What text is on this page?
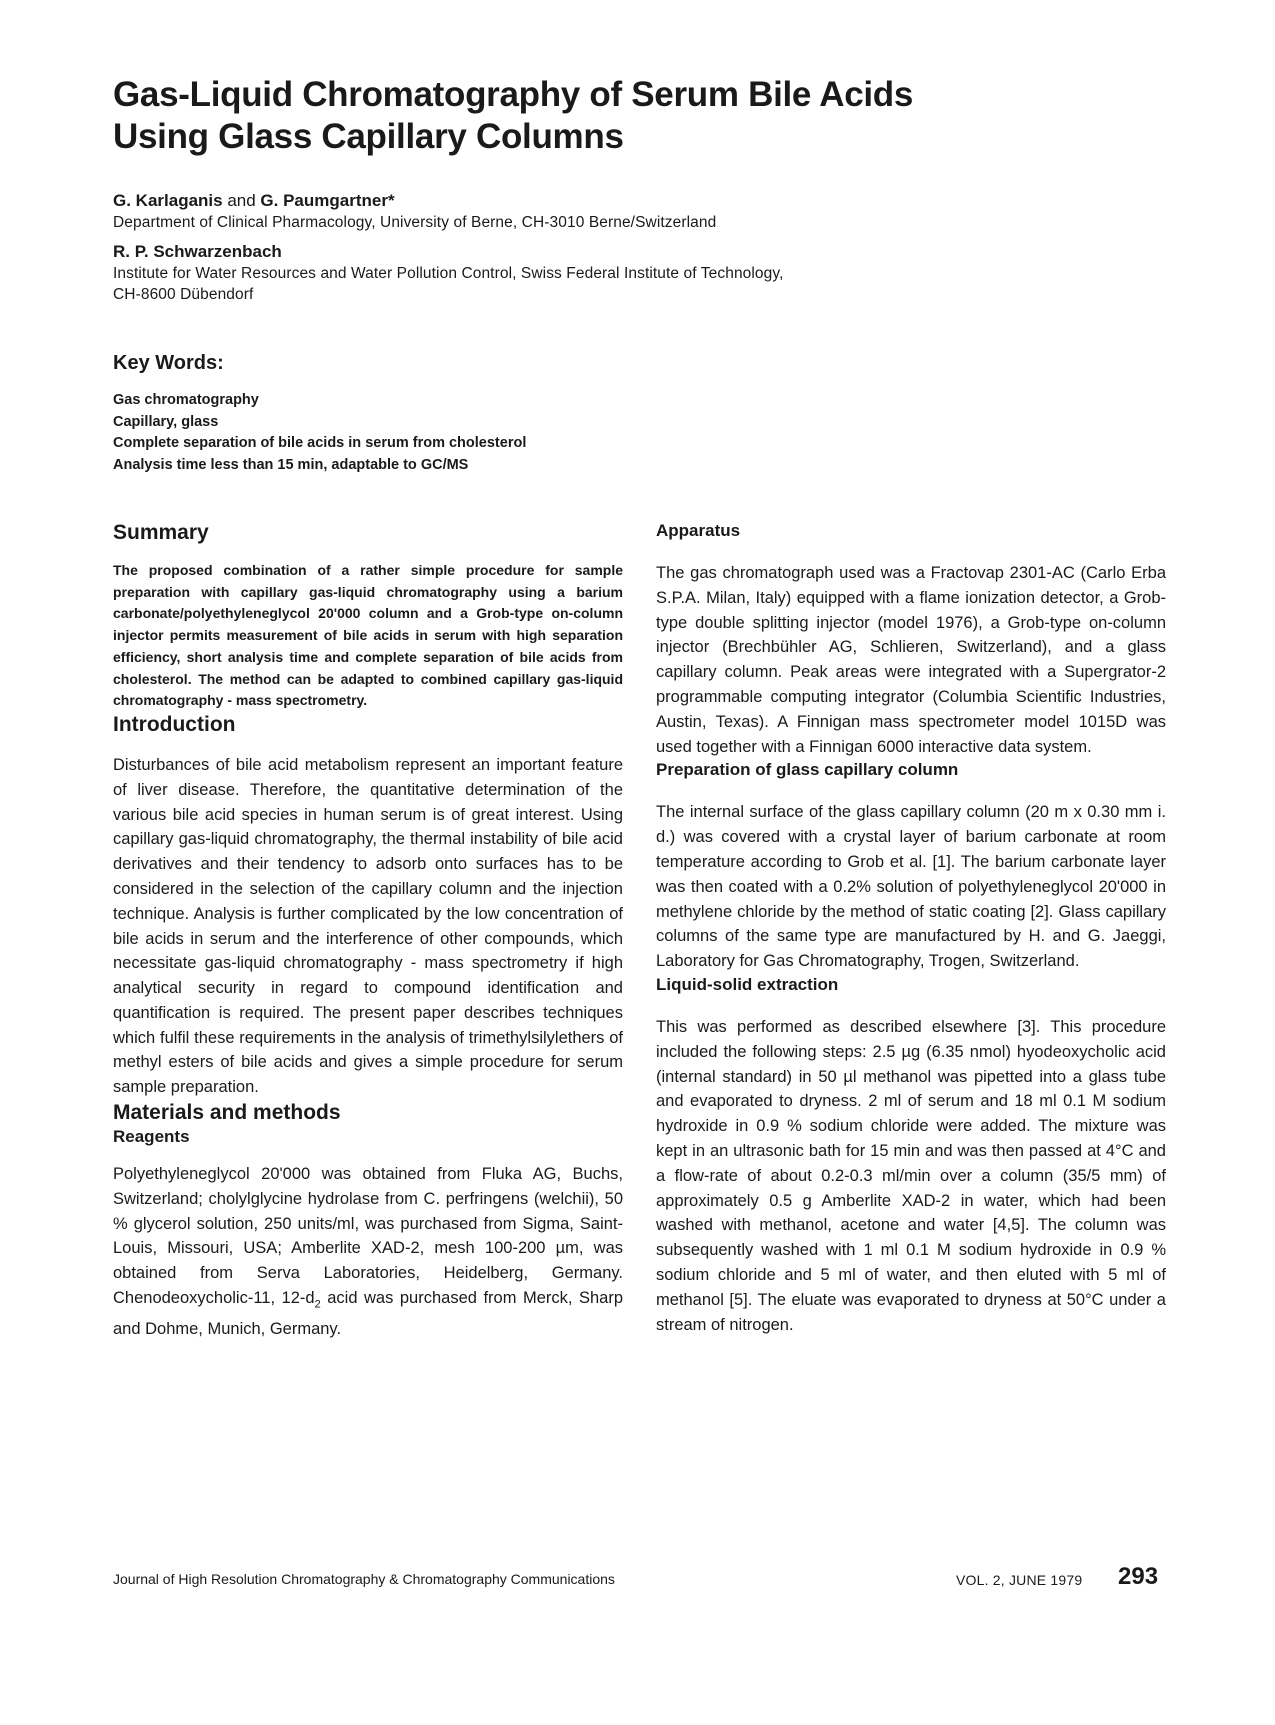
Gas-Liquid Chromatography of Serum Bile Acids
Using Glass Capillary Columns
G. Karlaganis and G. Paumgartner*
Department of Clinical Pharmacology, University of Berne, CH-3010 Berne/Switzerland
R. P. Schwarzenbach
Institute for Water Resources and Water Pollution Control, Swiss Federal Institute of Technology,
CH-8600 Dübendorf
Key Words:
Gas chromatography
Capillary, glass
Complete separation of bile acids in serum from cholesterol
Analysis time less than 15 min, adaptable to GC/MS
Summary

The proposed combination of a rather simple procedure for sample preparation with capillary gas-liquid chromatography using a barium carbonate/polyethyleneglycol 20'000 column and a Grob-type on-column injector permits measurement of bile acids in serum with high separation efficiency, short analysis time and complete separation of bile acids from cholesterol. The method can be adapted to combined capillary gas-liquid chromatography - mass spectrometry.

Introduction

Disturbances of bile acid metabolism represent an important feature of liver disease. Therefore, the quantitative determination of the various bile acid species in human serum is of great interest. Using capillary gas-liquid chromatography, the thermal instability of bile acid derivatives and their tendency to adsorb onto surfaces has to be considered in the selection of the capillary column and the injection technique. Analysis is further complicated by the low concentration of bile acids in serum and the interference of other compounds, which necessitate gas-liquid chromatography - mass spectrometry if high analytical security in regard to compound identification and quantification is required. The present paper describes techniques which fulfil these requirements in the analysis of trimethylsilylethers of methyl esters of bile acids and gives a simple procedure for serum sample preparation.

Materials and methods
Reagents

Polyethyleneglycol 20'000 was obtained from Fluka AG, Buchs, Switzerland; cholylglycine hydrolase from C. perfringens (welchii), 50 % glycerol solution, 250 units/ml, was purchased from Sigma, Saint-Louis, Missouri, USA; Amberlite XAD-2, mesh 100-200 µm, was obtained from Serva Laboratories, Heidelberg, Germany. Chenodeoxycholic-11, $12-d_2$ acid was purchased from Merck, Sharp and Dohme, Munich, Germany.

Apparatus

The gas chromatograph used was a Fractovap 2301-AC (Carlo Erba S.P.A. Milan, Italy) equipped with a flame ionization detector, a Grob-type double splitting injector (model 1976), a Grob-type on-column injector (Brechbühler AG, Schlieren, Switzerland), and a glass capillary column. Peak areas were integrated with a Supergrator-2 programmable computing integrator (Columbia Scientific Industries, Austin, Texas). A Finnigan mass spectrometer model 1015D was used together with a Finnigan 6000 interactive data system.

Preparation of glass capillary column

The internal surface of the glass capillary column (20 m x 0.30 mm i. d.) was covered with a crystal layer of barium carbonate at room temperature according to Grob et al. [1]. The barium carbonate layer was then coated with a 0.2% solution of polyethyleneglycol 20'000 in methylene chloride by the method of static coating [2]. Glass capillary columns of the same type are manufactured by H. and G. Jaeggi, Laboratory for Gas Chromatography, Trogen, Switzerland.

Liquid-solid extraction

This was performed as described elsewhere [3]. This procedure included the following steps: 2.5 µg (6.35 nmol) hyodeoxycholic acid (internal standard) in 50 µl methanol was pipetted into a glass tube and evaporated to dryness. 2 ml of serum and 18 ml 0.1 M sodium hydroxide in 0.9 % sodium chloride were added. The mixture was kept in an ultrasonic bath for 15 min and was then passed at 4°C and a flow-rate of about 0.2-0.3 ml/min over a column (35/5 mm) of approximately 0.5 g Amberlite XAD-2 in water, which had been washed with methanol, acetone and water [4,5]. The column was subsequently washed with 1 ml 0.1 M sodium hydroxide in 0.9 % sodium chloride and 5 ml of water, and then eluted with 5 ml of methanol [5]. The eluate was evaporated to dryness at 50°C under a stream of nitrogen.

Journal of High Resolution Chromatography & Chromatography Communications	VOL. 2, JUNE 1979 293
